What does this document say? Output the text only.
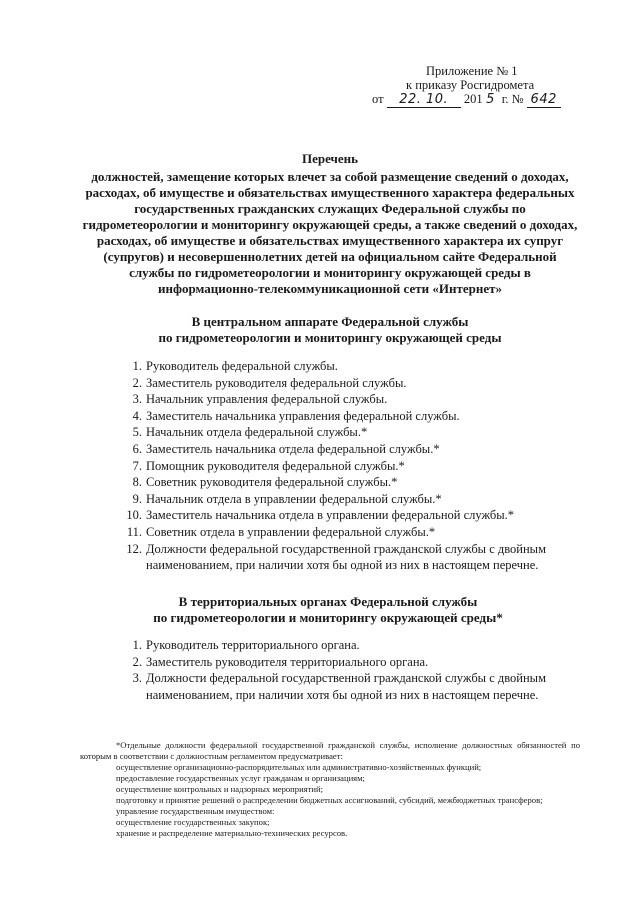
Приложение № 1
к приказу Росгидромета
от 22. 10. 201 5 г. № 642

Перечень

должностей, замещение которых влечет за собой размещение сведений о доходах, расходах, об имуществе и обязательствах имущественного характера федеральных государственных гражданских служащих Федеральной службы по гидрометеорологии и мониторингу окружающей среды, а также сведений о доходах, расходах, об имуществе и обязательствах имущественного характера их супруг (супругов) и несовершеннолетних детей на официальном сайте Федеральной службы по гидрометеорологии и мониторингу окружающей среды в информационно-телекоммуникационной сети «Интернет»

В центральном аппарате Федеральной службы
по гидрометеорологии и мониторингу окружающей среды
1. Руководитель федеральной службы.
2. Заместитель руководителя федеральной службы.
3. Начальник управления федеральной службы.
4. Заместитель начальника управления федеральной службы.
5. Начальник отдела федеральной службы.*
6. Заместитель начальника отдела федеральной службы.*
7. Помощник руководителя федеральной службы.*
8. Советник руководителя федеральной службы.*
9. Начальник отдела в управлении федеральной службы.*
10. Заместитель начальника отдела в управлении федеральной службы.*
11. Советник отдела в управлении федеральной службы.*
12. Должности федеральной государственной гражданской службы с двойным наименованием, при наличии хотя бы одной из них в настоящем перечне.
В территориальных органах Федеральной службы
по гидрометеорологии и мониторингу окружающей среды*
1. Руководитель территориального органа.
2. Заместитель руководителя территориального органа.
3. Должности федеральной государственной гражданской службы с двойным наименованием, при наличии хотя бы одной из них в настоящем перечне.

*Отдельные должности федеральной государственной гражданской службы, исполнение должностных обязанностей по которым в соответствии с должностным регламентом предусматривает:

осуществление организационно-распорядительных или административно-хозяйственных функций;

предоставление государственных услуг гражданам и организациям;

осуществление контрольных и надзорных мероприятий;

подготовку и принятие решений о распределении бюджетных ассигнований, субсидий, межбюджетных трансферов;

управление государственным имуществом:

осуществление государственных закупок;

хранение и распределение материально-технических ресурсов.
